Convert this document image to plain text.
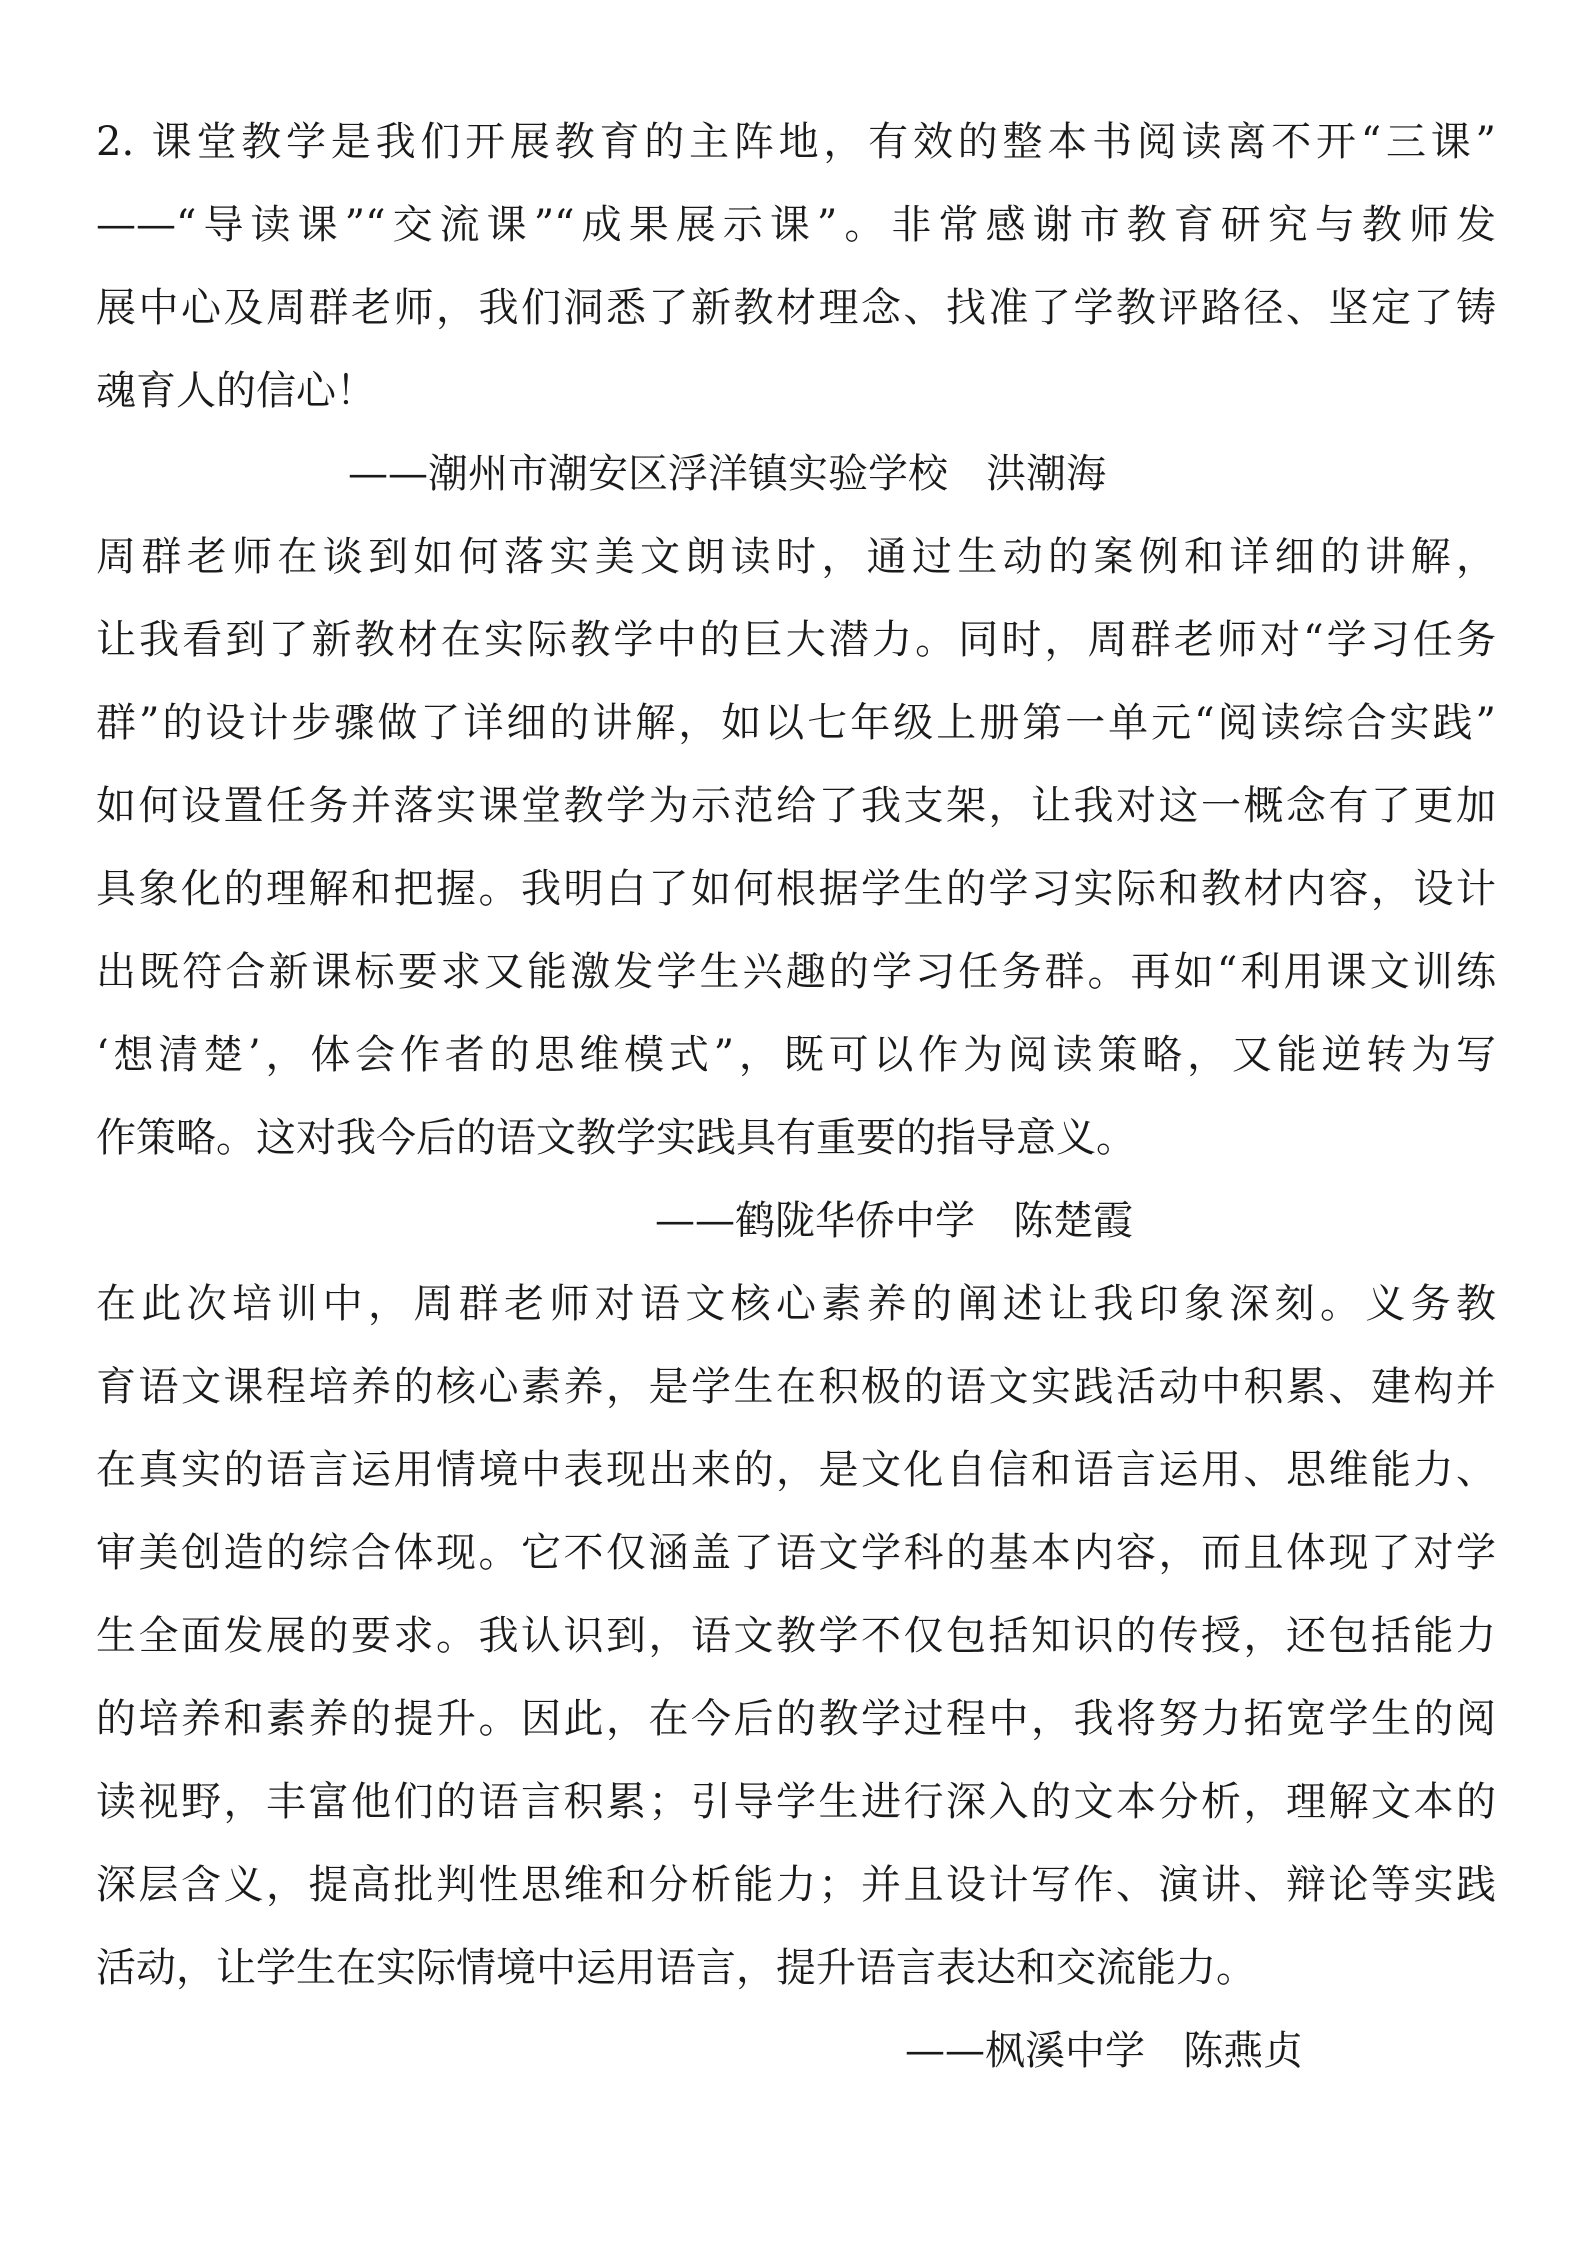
2. 课堂教学是我们开展教育的主阵地，有效的整本书阅读离不开“三课”
——“导读课”“交流课”“成果展示课”。非常感谢市教育研究与教师发
展中心及周群老师，我们洞悉了新教材理念、找准了学教评路径、坚定了铸
魂育人的信心！
——潮州市潮安区浮洋镇实验学校   洪潮海
周群老师在谈到如何落实美文朗读时，通过生动的案例和详细的讲解，
让我看到了新教材在实际教学中的巨大潜力。同时，周群老师对“学习任务
群”的设计步骤做了详细的讲解，如以七年级上册第一单元“阅读综合实践”
如何设置任务并落实课堂教学为示范给了我支架，让我对这一概念有了更加
具象化的理解和把握。我明白了如何根据学生的学习实际和教材内容，设计
出既符合新课标要求又能激发学生兴趣的学习任务群。再如“利用课文训练
‘想清楚’，体会作者的思维模式”，既可以作为阅读策略，又能逆转为写
作策略。这对我今后的语文教学实践具有重要的指导意义。
——鹤陇华侨中学   陈楚霞
在此次培训中，周群老师对语文核心素养的阐述让我印象深刻。义务教
育语文课程培养的核心素养，是学生在积极的语文实践活动中积累、建构并
在真实的语言运用情境中表现出来的，是文化自信和语言运用、思维能力、
审美创造的综合体现。它不仅涵盖了语文学科的基本内容，而且体现了对学
生全面发展的要求。我认识到，语文教学不仅包括知识的传授，还包括能力
的培养和素养的提升。因此，在今后的教学过程中，我将努力拓宽学生的阅
读视野，丰富他们的语言积累；引导学生进行深入的文本分析，理解文本的
深层含义，提高批判性思维和分析能力；并且设计写作、演讲、辩论等实践
活动，让学生在实际情境中运用语言，提升语言表达和交流能力。
——枫溪中学   陈燕贞
